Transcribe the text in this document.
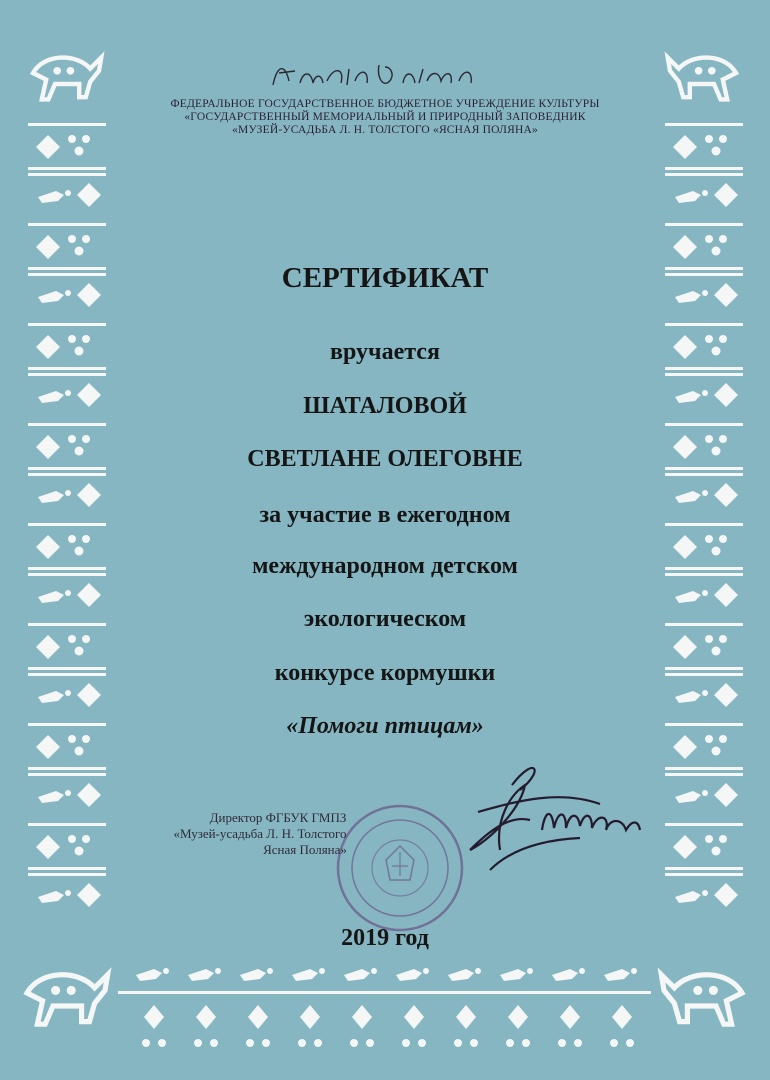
ФЕДЕРАЛЬНОЕ ГОСУДАРСТВЕННОЕ БЮДЖЕТНОЕ УЧРЕЖДЕНИЕ КУЛЬТУРЫ
«ГОСУДАРСТВЕННЫЙ МЕМОРИАЛЬНЫЙ И ПРИРОДНЫЙ ЗАПОВЕДНИК
«МУЗЕЙ-УСАДЬБА Л. Н. ТОЛСТОГО «ЯСНАЯ ПОЛЯНА»
СЕРТИФИКАТ
вручается
ШАТАЛОВОЙ
СВЕТЛАНЕ ОЛЕГОВНЕ
за участие в ежегодном
международном детском
экологическом
конкурсе кормушки
«Помоги птицам»
Директор ФГБУК ГМПЗ
«Музей-усадьба Л. Н. Толстого
Ясная Поляна»
2019 год
